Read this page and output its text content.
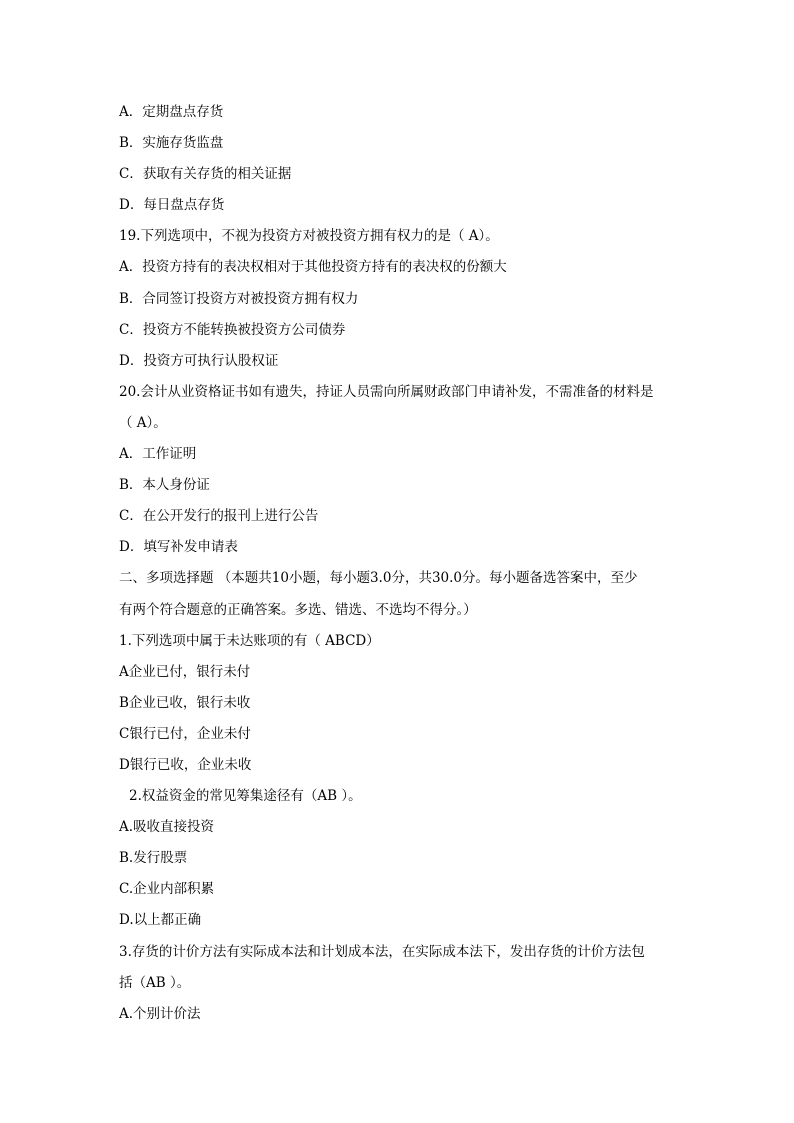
A．定期盘点存货
B．实施存货监盘
C．获取有关存货的相关证据
D．每日盘点存货
19.下列选项中，不视为投资方对被投资方拥有权力的是（ A）。
A．投资方持有的表决权相对于其他投资方持有的表决权的份额大
B．合同签订投资方对被投资方拥有权力
C．投资方不能转换被投资方公司债券
D．投资方可执行认股权证
20.会计从业资格证书如有遗失，持证人员需向所属财政部门申请补发，不需准备的材料是
（ A）。
A．工作证明
B．本人身份证
C．在公开发行的报刊上进行公告
D．填写补发申请表
二、多项选择题 （本题共10小题，每小题3.0分，共30.0分。每小题备选答案中，至少
有两个符合题意的正确答案。多选、错选、不选均不得分。）
1.下列选项中属于未达账项的有（ ABCD）
A企业已付，银行未付
B企业已收，银行未收
C银行已付，企业未付
D银行已收，企业未收
2.权益资金的常见筹集途径有（AB ）。
A.吸收直接投资
B.发行股票
C.企业内部积累
D.以上都正确
3.存货的计价方法有实际成本法和计划成本法，在实际成本法下，发出存货的计价方法包
括（AB ）。
A.个别计价法
